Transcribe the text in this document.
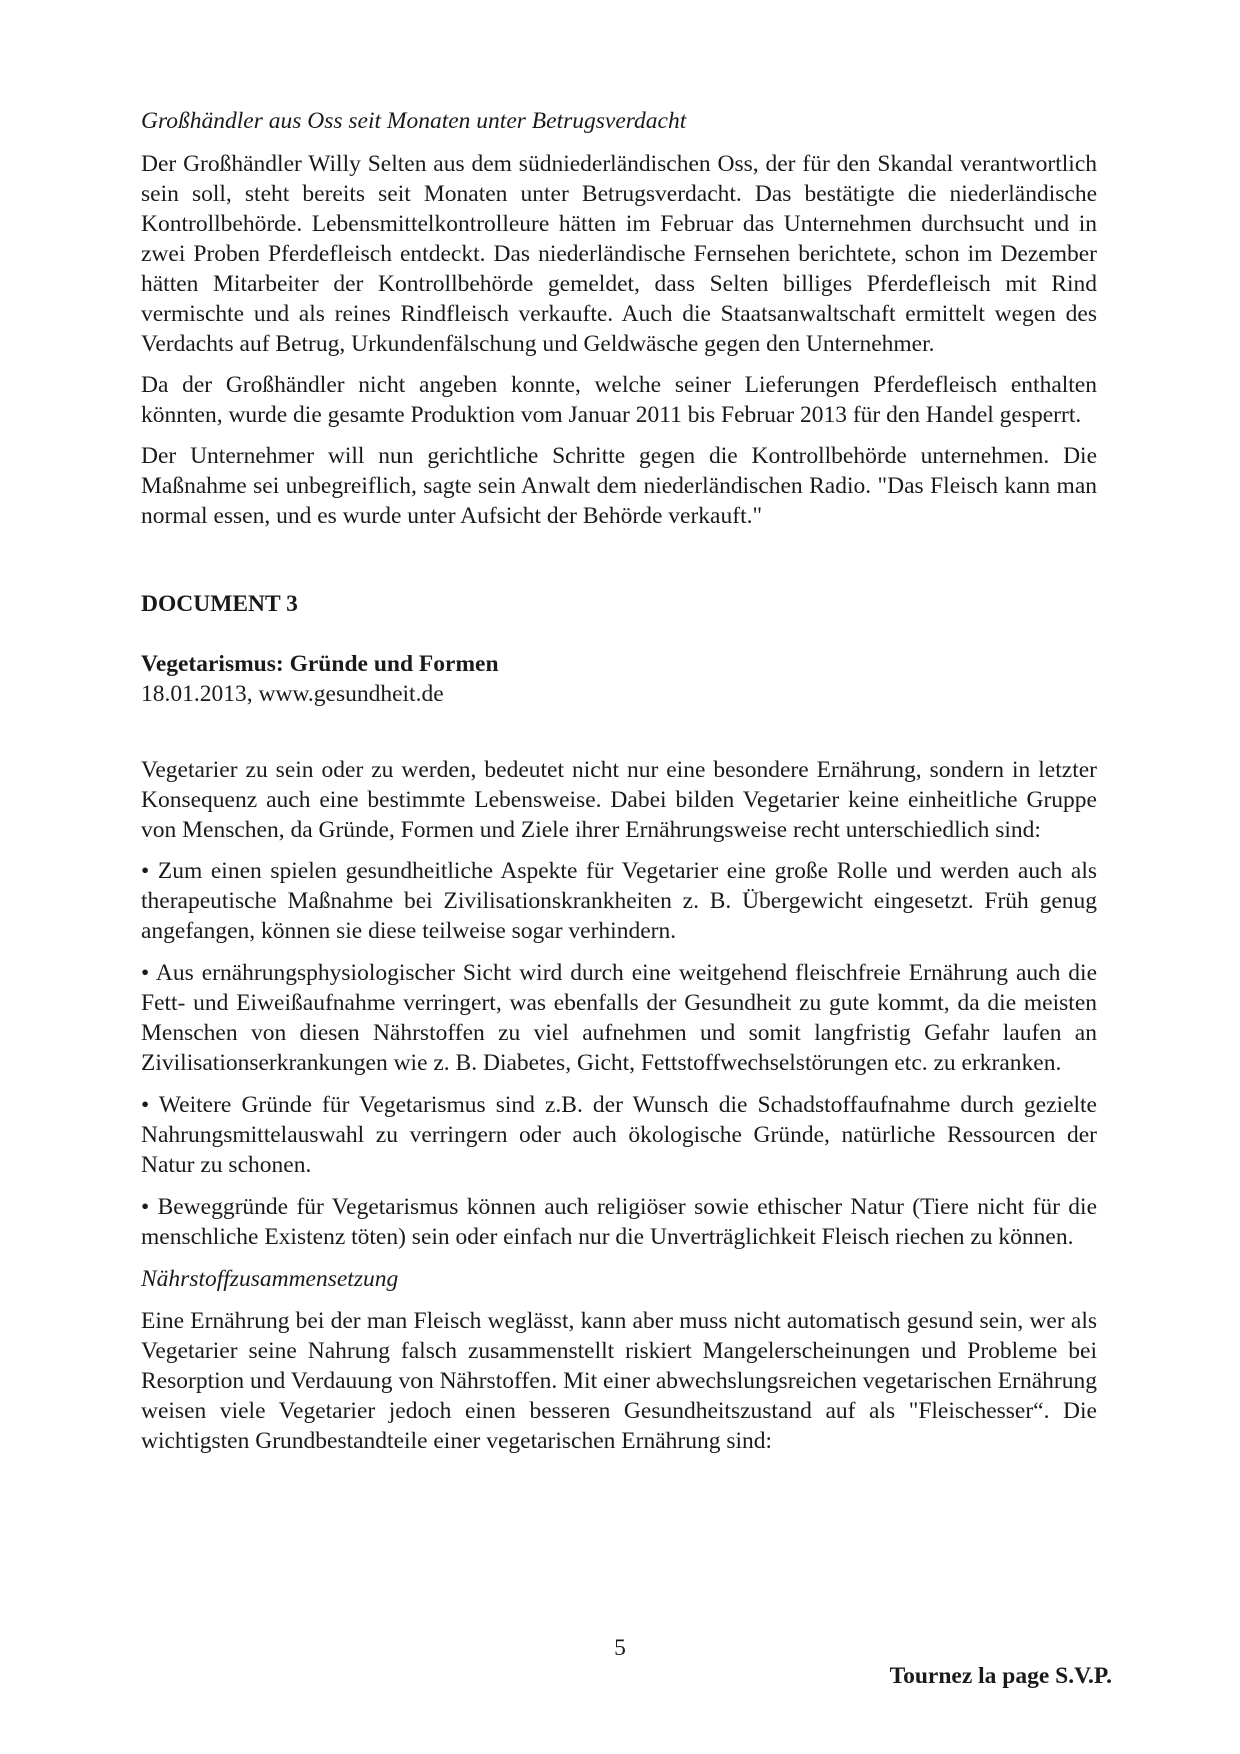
Großhändler aus Oss seit Monaten unter Betrugsverdacht

Der Großhändler Willy Selten aus dem südniederländischen Oss, der für den Skandal verantwortlich sein soll, steht bereits seit Monaten unter Betrugsverdacht. Das bestätigte die niederländische Kontrollbehörde. Lebensmittelkontrolleure hätten im Februar das Unternehmen durchsucht und in zwei Proben Pferdefleisch entdeckt. Das niederländische Fernsehen berichtete, schon im Dezember hätten Mitarbeiter der Kontrollbehörde gemeldet, dass Selten billiges Pferdefleisch mit Rind vermischte und als reines Rindfleisch verkaufte. Auch die Staatsanwaltschaft ermittelt wegen des Verdachts auf Betrug, Urkundenfälschung und Geldwäsche gegen den Unternehmer.

Da der Großhändler nicht angeben konnte, welche seiner Lieferungen Pferdefleisch enthalten könnten, wurde die gesamte Produktion vom Januar 2011 bis Februar 2013 für den Handel gesperrt.

Der Unternehmer will nun gerichtliche Schritte gegen die Kontrollbehörde unternehmen. Die Maßnahme sei unbegreiflich, sagte sein Anwalt dem niederländischen Radio. "Das Fleisch kann man normal essen, und es wurde unter Aufsicht der Behörde verkauft."

DOCUMENT 3
Vegetarismus: Gründe und Formen
18.01.2013, www.gesundheit.de

Vegetarier zu sein oder zu werden, bedeutet nicht nur eine besondere Ernährung, sondern in letzter Konsequenz auch eine bestimmte Lebensweise. Dabei bilden Vegetarier keine einheitliche Gruppe von Menschen, da Gründe, Formen und Ziele ihrer Ernährungsweise recht unterschiedlich sind:

• Zum einen spielen gesundheitliche Aspekte für Vegetarier eine große Rolle und werden auch als therapeutische Maßnahme bei Zivilisationskrankheiten z. B. Übergewicht eingesetzt. Früh genug angefangen, können sie diese teilweise sogar verhindern.

• Aus ernährungsphysiologischer Sicht wird durch eine weitgehend fleischfreie Ernährung auch die Fett- und Eiweißaufnahme verringert, was ebenfalls der Gesundheit zu gute kommt, da die meisten Menschen von diesen Nährstoffen zu viel aufnehmen und somit langfristig Gefahr laufen an Zivilisationserkrankungen wie z. B. Diabetes, Gicht, Fettstoffwechselstörungen etc. zu erkranken.

• Weitere Gründe für Vegetarismus sind z.B. der Wunsch die Schadstoffaufnahme durch gezielte Nahrungsmittelauswahl zu verringern oder auch ökologische Gründe, natürliche Ressourcen der Natur zu schonen.

• Beweggründe für Vegetarismus können auch religiöser sowie ethischer Natur (Tiere nicht für die menschliche Existenz töten) sein oder einfach nur die Unverträglichkeit Fleisch riechen zu können.

Nährstoffzusammensetzung

Eine Ernährung bei der man Fleisch weglässt, kann aber muss nicht automatisch gesund sein, wer als Vegetarier seine Nahrung falsch zusammenstellt riskiert Mangelerscheinungen und Probleme bei Resorption und Verdauung von Nährstoffen. Mit einer abwechslungsreichen vegetarischen Ernährung weisen viele Vegetarier jedoch einen besseren Gesundheitszustand auf als "Fleischesser“. Die wichtigsten Grundbestandteile einer vegetarischen Ernährung sind:

5
Tournez la page S.V.P.
